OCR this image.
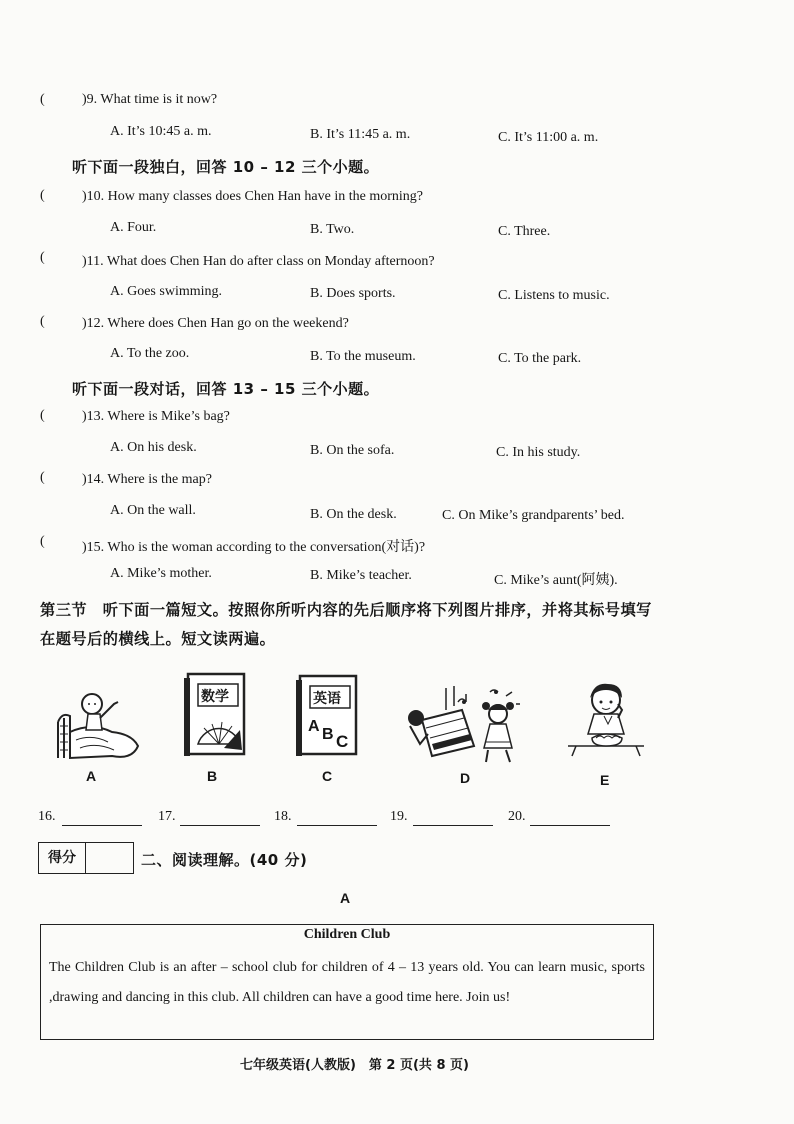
(	)9. What time is it now?
A. It’s 10:45 a. m.	B. It’s 11:45 a. m.	C. It’s 11:00 a. m.
听下面一段独白，回答 10 – 12 三个小题。
(	)10. How many classes does Chen Han have in the morning?
A. Four.	B. Two.	C. Three.
(	)11. What does Chen Han do after class on Monday afternoon?
A. Goes swimming.	B. Does sports.	C. Listens to music.
(	)12. Where does Chen Han go on the weekend?
A. To the zoo.	B. To the museum.	C. To the park.
听下面一段对话，回答 13 – 15 三个小题。
(	)13. Where is Mike’s bag?
A. On his desk.	B. On the sofa.	C. In his study.
(	)14. Where is the map?
A. On the wall.	B. On the desk.	C. On Mike’s grandparents’ bed.
(	)15. Who is the woman according to the conversation(对话)?
A. Mike’s mother.	B. Mike’s teacher.	C. Mike’s aunt(阿姨).
第三节　听下面一篇短文。按照你所听内容的先后顺序将下列图片排序，并将其标号填写
在题号后的横线上。短文读两遍。
A
数学
B
英语
A B C
C	D	E
16.	17.	18.	19.	20.
得分	二、阅读理解。(40 分)
A
Children Club
The Children Club is an after – school club for children of 4 – 13 years old. You can learn music, sports ,drawing and dancing in this club. All children can have a good time here. Join us!
七年级英语(人教版)　第 2 页(共 8 页)
